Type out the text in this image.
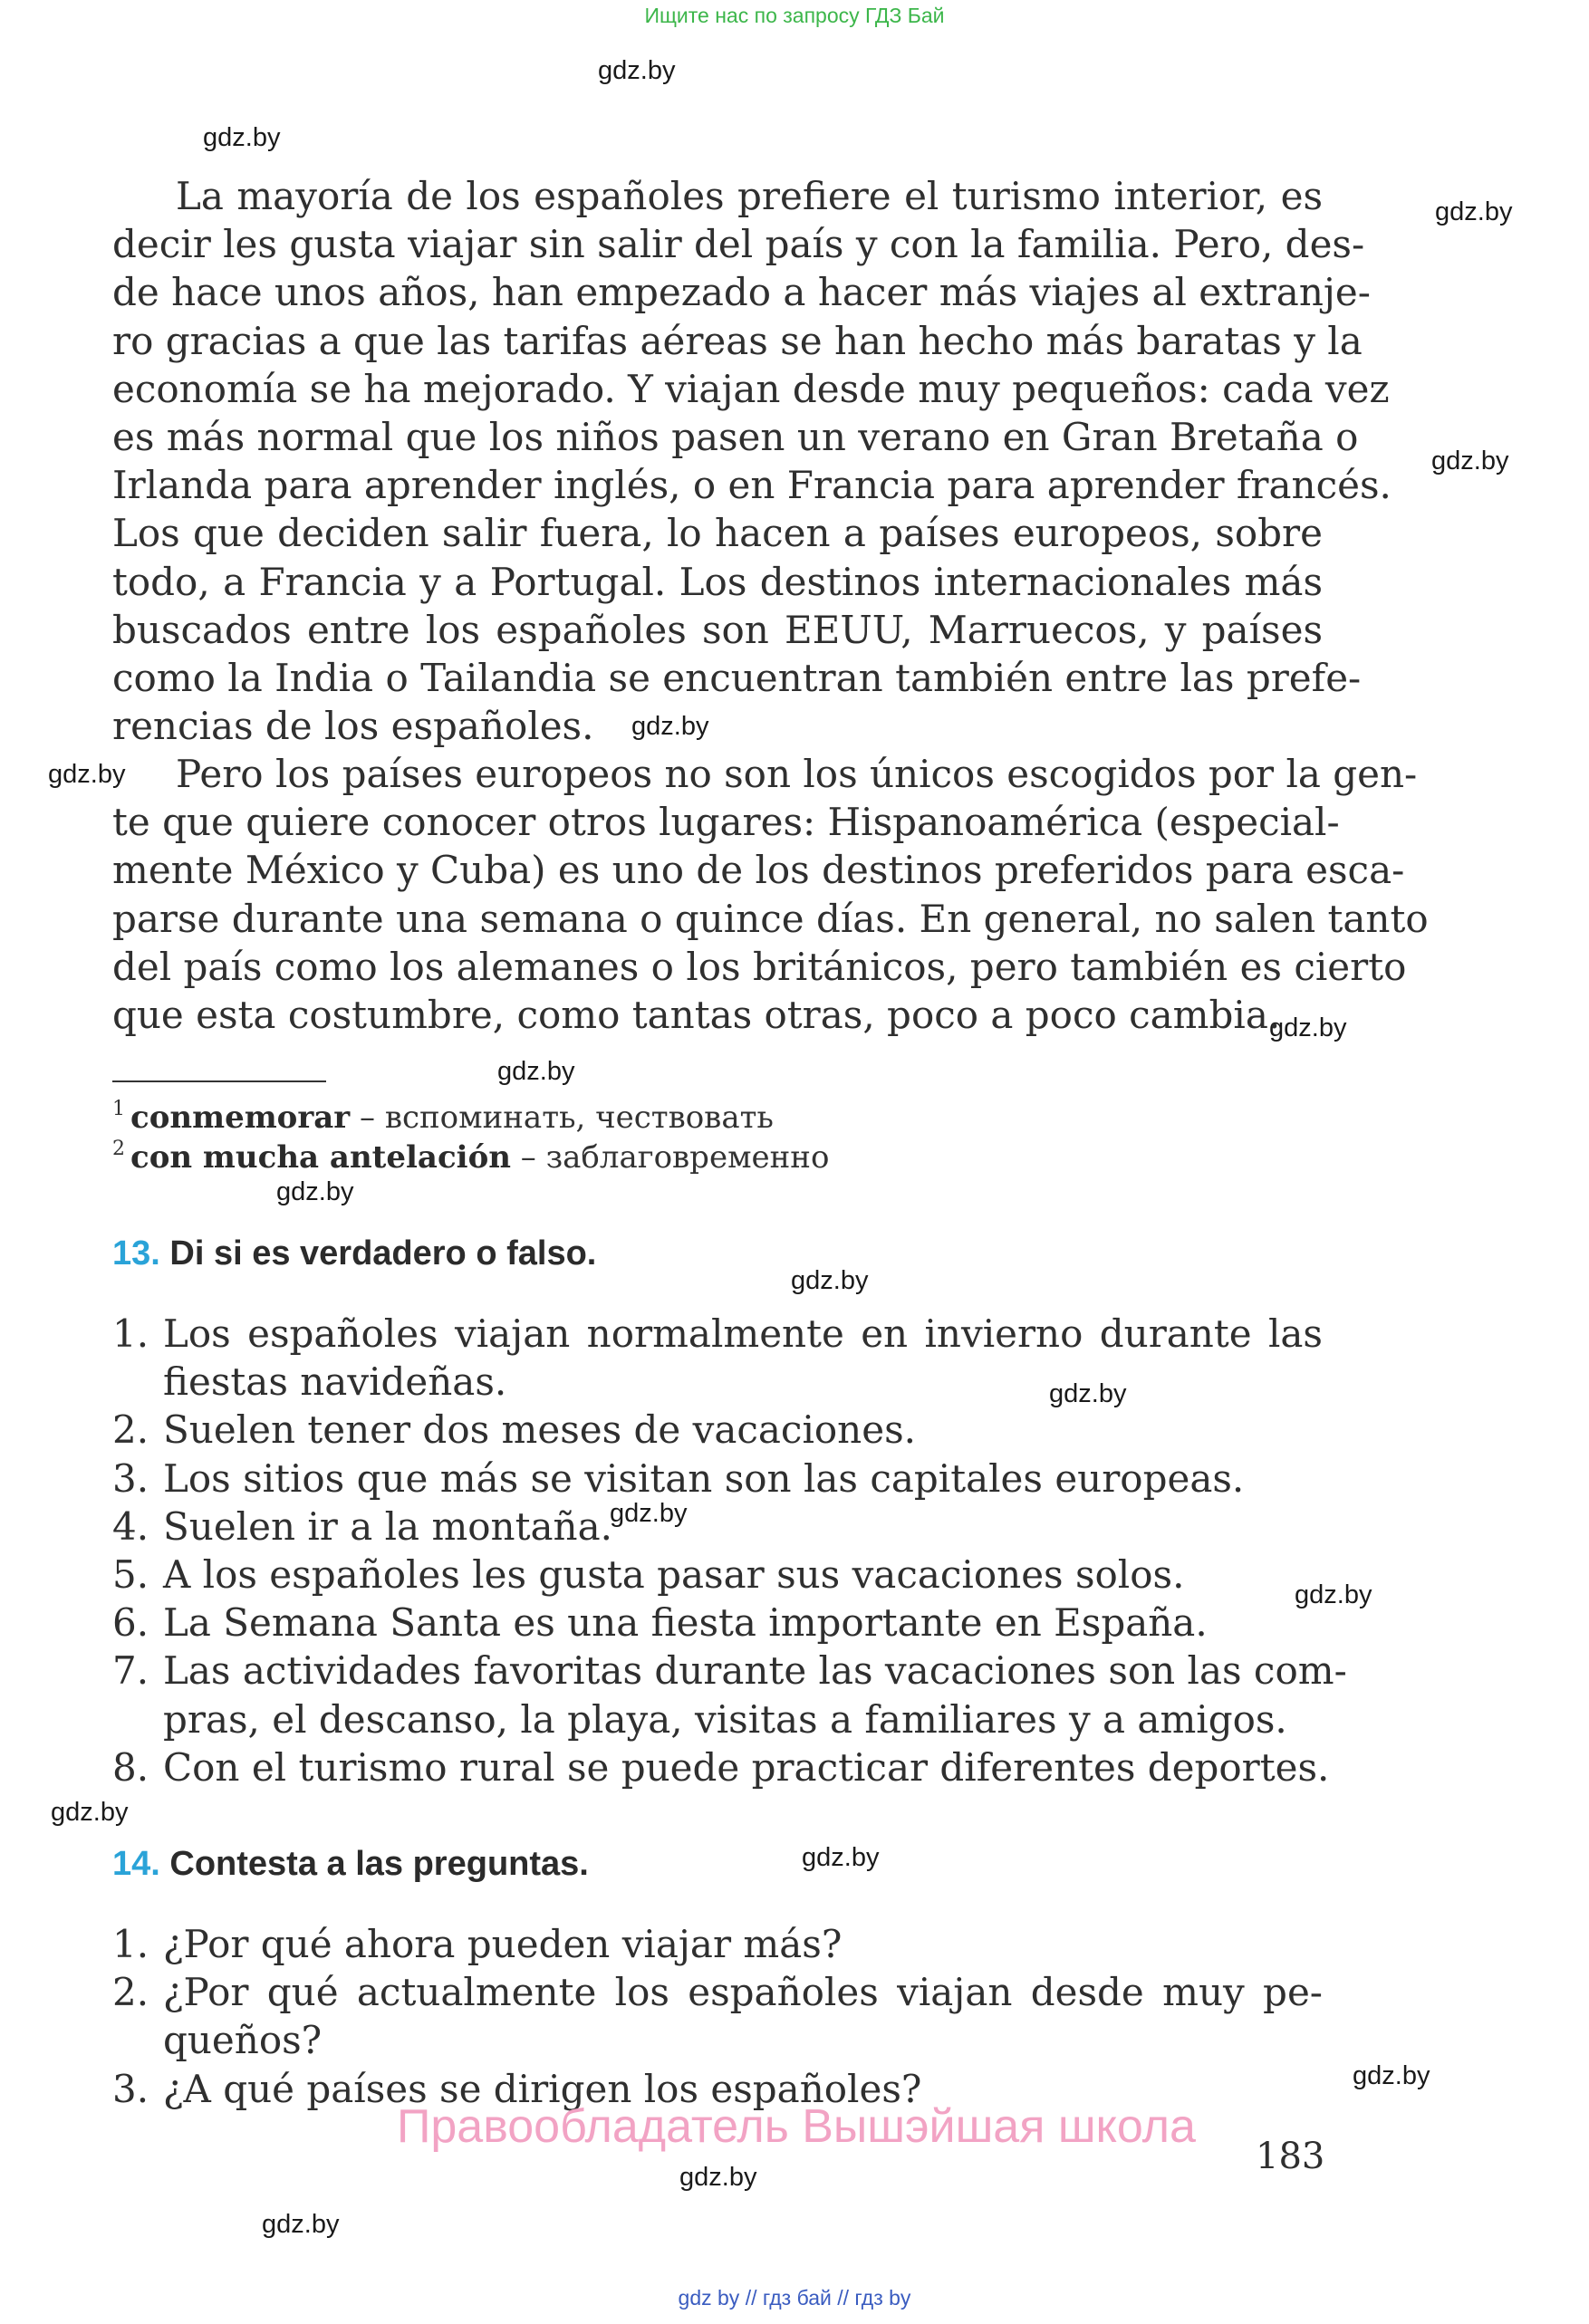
Ищите нас по запросу ГДЗ Бай
gdz.by
gdz.by
gdz.by
gdz.by
gdz.by
gdz.by
gdz.by
gdz.by
gdz.by
gdz.by
gdz.by
gdz.by
gdz.by
gdz.by
gdz.by
gdz.by
gdz.by
gdz.by
La mayoría de los españoles prefiere el turismo interior, es
decir les gusta viajar sin salir del país y con la familia. Pero, des-
de hace unos años, han empezado a hacer más viajes al extranje-
ro gracias a que las tarifas aéreas se han hecho más baratas y la
economía se ha mejorado. Y viajan desde muy pequeños: cada vez
es más normal que los niños pasen un verano en Gran Bretaña o
Irlanda para aprender inglés, o en Francia para aprender francés.
Los que deciden salir fuera, lo hacen a países europeos, sobre
todo, a Francia y a Portugal. Los destinos internacionales más
buscados entre los españoles son EEUU, Marruecos, y países
como la India o Tailandia se encuentran también entre las prefe-
rencias de los españoles.
Pero los países europeos no son los únicos escogidos por la gen-
te que quiere conocer otros lugares: Hispanoamérica (especial-
mente México y Cuba) es uno de los destinos preferidos para esca-
parse durante una semana o quince días. En general, no salen tanto
del país como los alemanes o los británicos, pero también es cierto
que esta costumbre, como tantas otras, poco a poco cambia.
$^1$ conmemorar – вспоминать, чествовать
$^2$ con mucha antelación – заблаговременно
13. Di si es verdadero o falso.
1. Los españoles viajan normalmente en invierno durante las
fiestas navideñas.
2. Suelen tener dos meses de vacaciones.
3. Los sitios que más se visitan son las capitales europeas.
4. Suelen ir a la montaña.
5. A los españoles les gusta pasar sus vacaciones solos.
6. La Semana Santa es una fiesta importante en España.
7. Las actividades favoritas durante las vacaciones son las com-
pras, el descanso, la playa, visitas a familiares y a amigos.
8. Con el turismo rural se puede practicar diferentes deportes.
14. Contesta a las preguntas.
1. ¿Por qué ahora pueden viajar más?
2. ¿Por qué actualmente los españoles viajan desde muy pe-
queños?
3. ¿A qué países se dirigen los españoles?
Правообладатель Вышэйшая школа
183
gdz by // гдз бай // гдз by
